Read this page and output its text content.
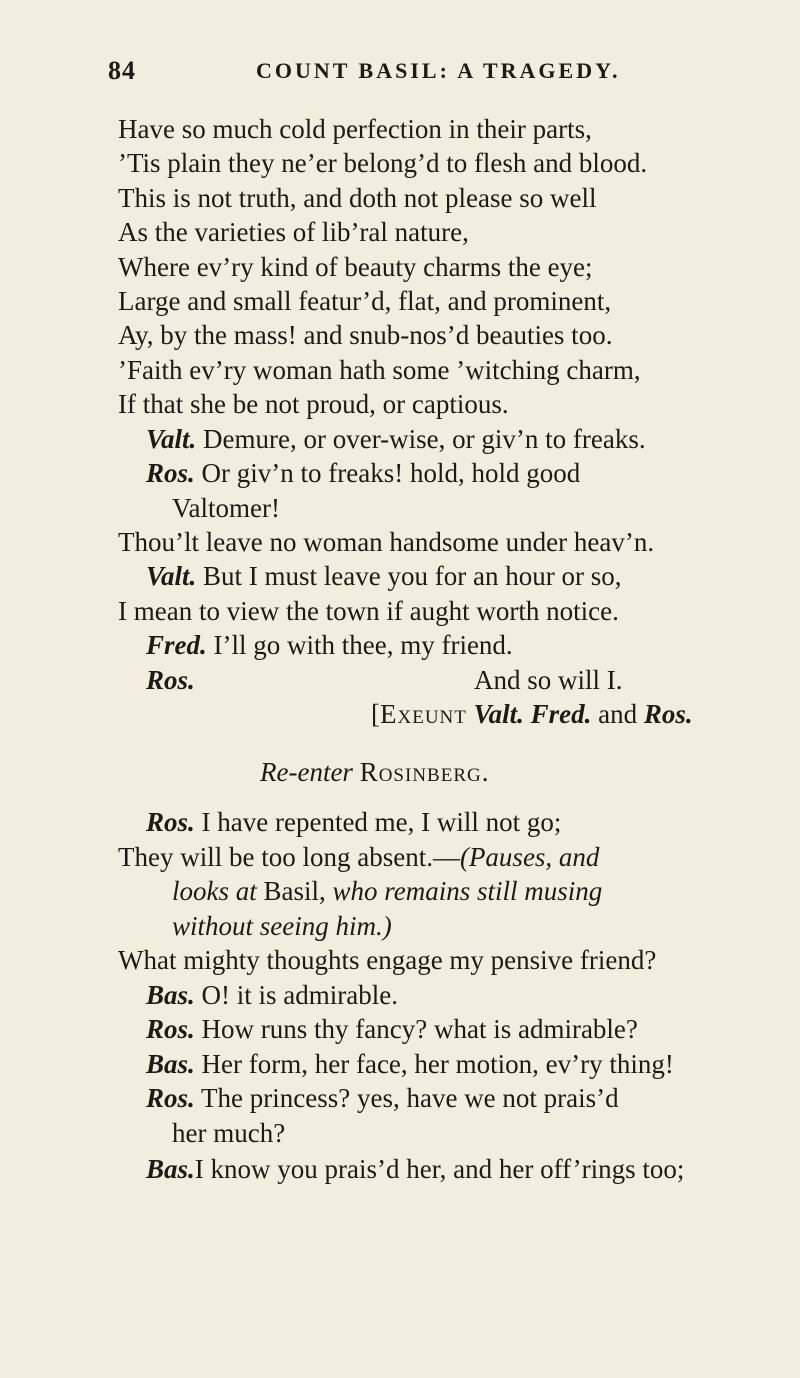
84	COUNT BASIL: A TRAGEDY.
Have so much cold perfection in their parts,
’Tis plain they ne’er belong’d to flesh and blood.
This is not truth, and doth not please so well
As the varieties of lib’ral nature,
Where ev’ry kind of beauty charms the eye;
Large and small featur’d, flat, and prominent,
Ay, by the mass! and snub-nos’d beauties too.
’Faith ev’ry woman hath some ’witching charm,
If that she be not proud, or captious.
Valt. Demure, or over-wise, or giv’n to freaks.
Ros. Or giv’n to freaks! hold, hold good
Valtomer!
Thou’lt leave no woman handsome under heav’n.
Valt. But I must leave you for an hour or so,
I mean to view the town if aught worth notice.
Fred. I’ll go with thee, my friend.
Ros.	And so will I.
[Exeunt Valt. Fred. and Ros.
Re-enter Rosinberg.
Ros. I have repented me, I will not go;
They will be too long absent.—(Pauses, and
looks at Basil, who remains still musing
without seeing him.)
What mighty thoughts engage my pensive friend?
Bas. O! it is admirable.
Ros. How runs thy fancy? what is admirable?
Bas. Her form, her face, her motion, ev’ry thing!
Ros. The princess? yes, have we not prais’d
her much?
Bas.I know you prais’d her, and her off’rings too;
